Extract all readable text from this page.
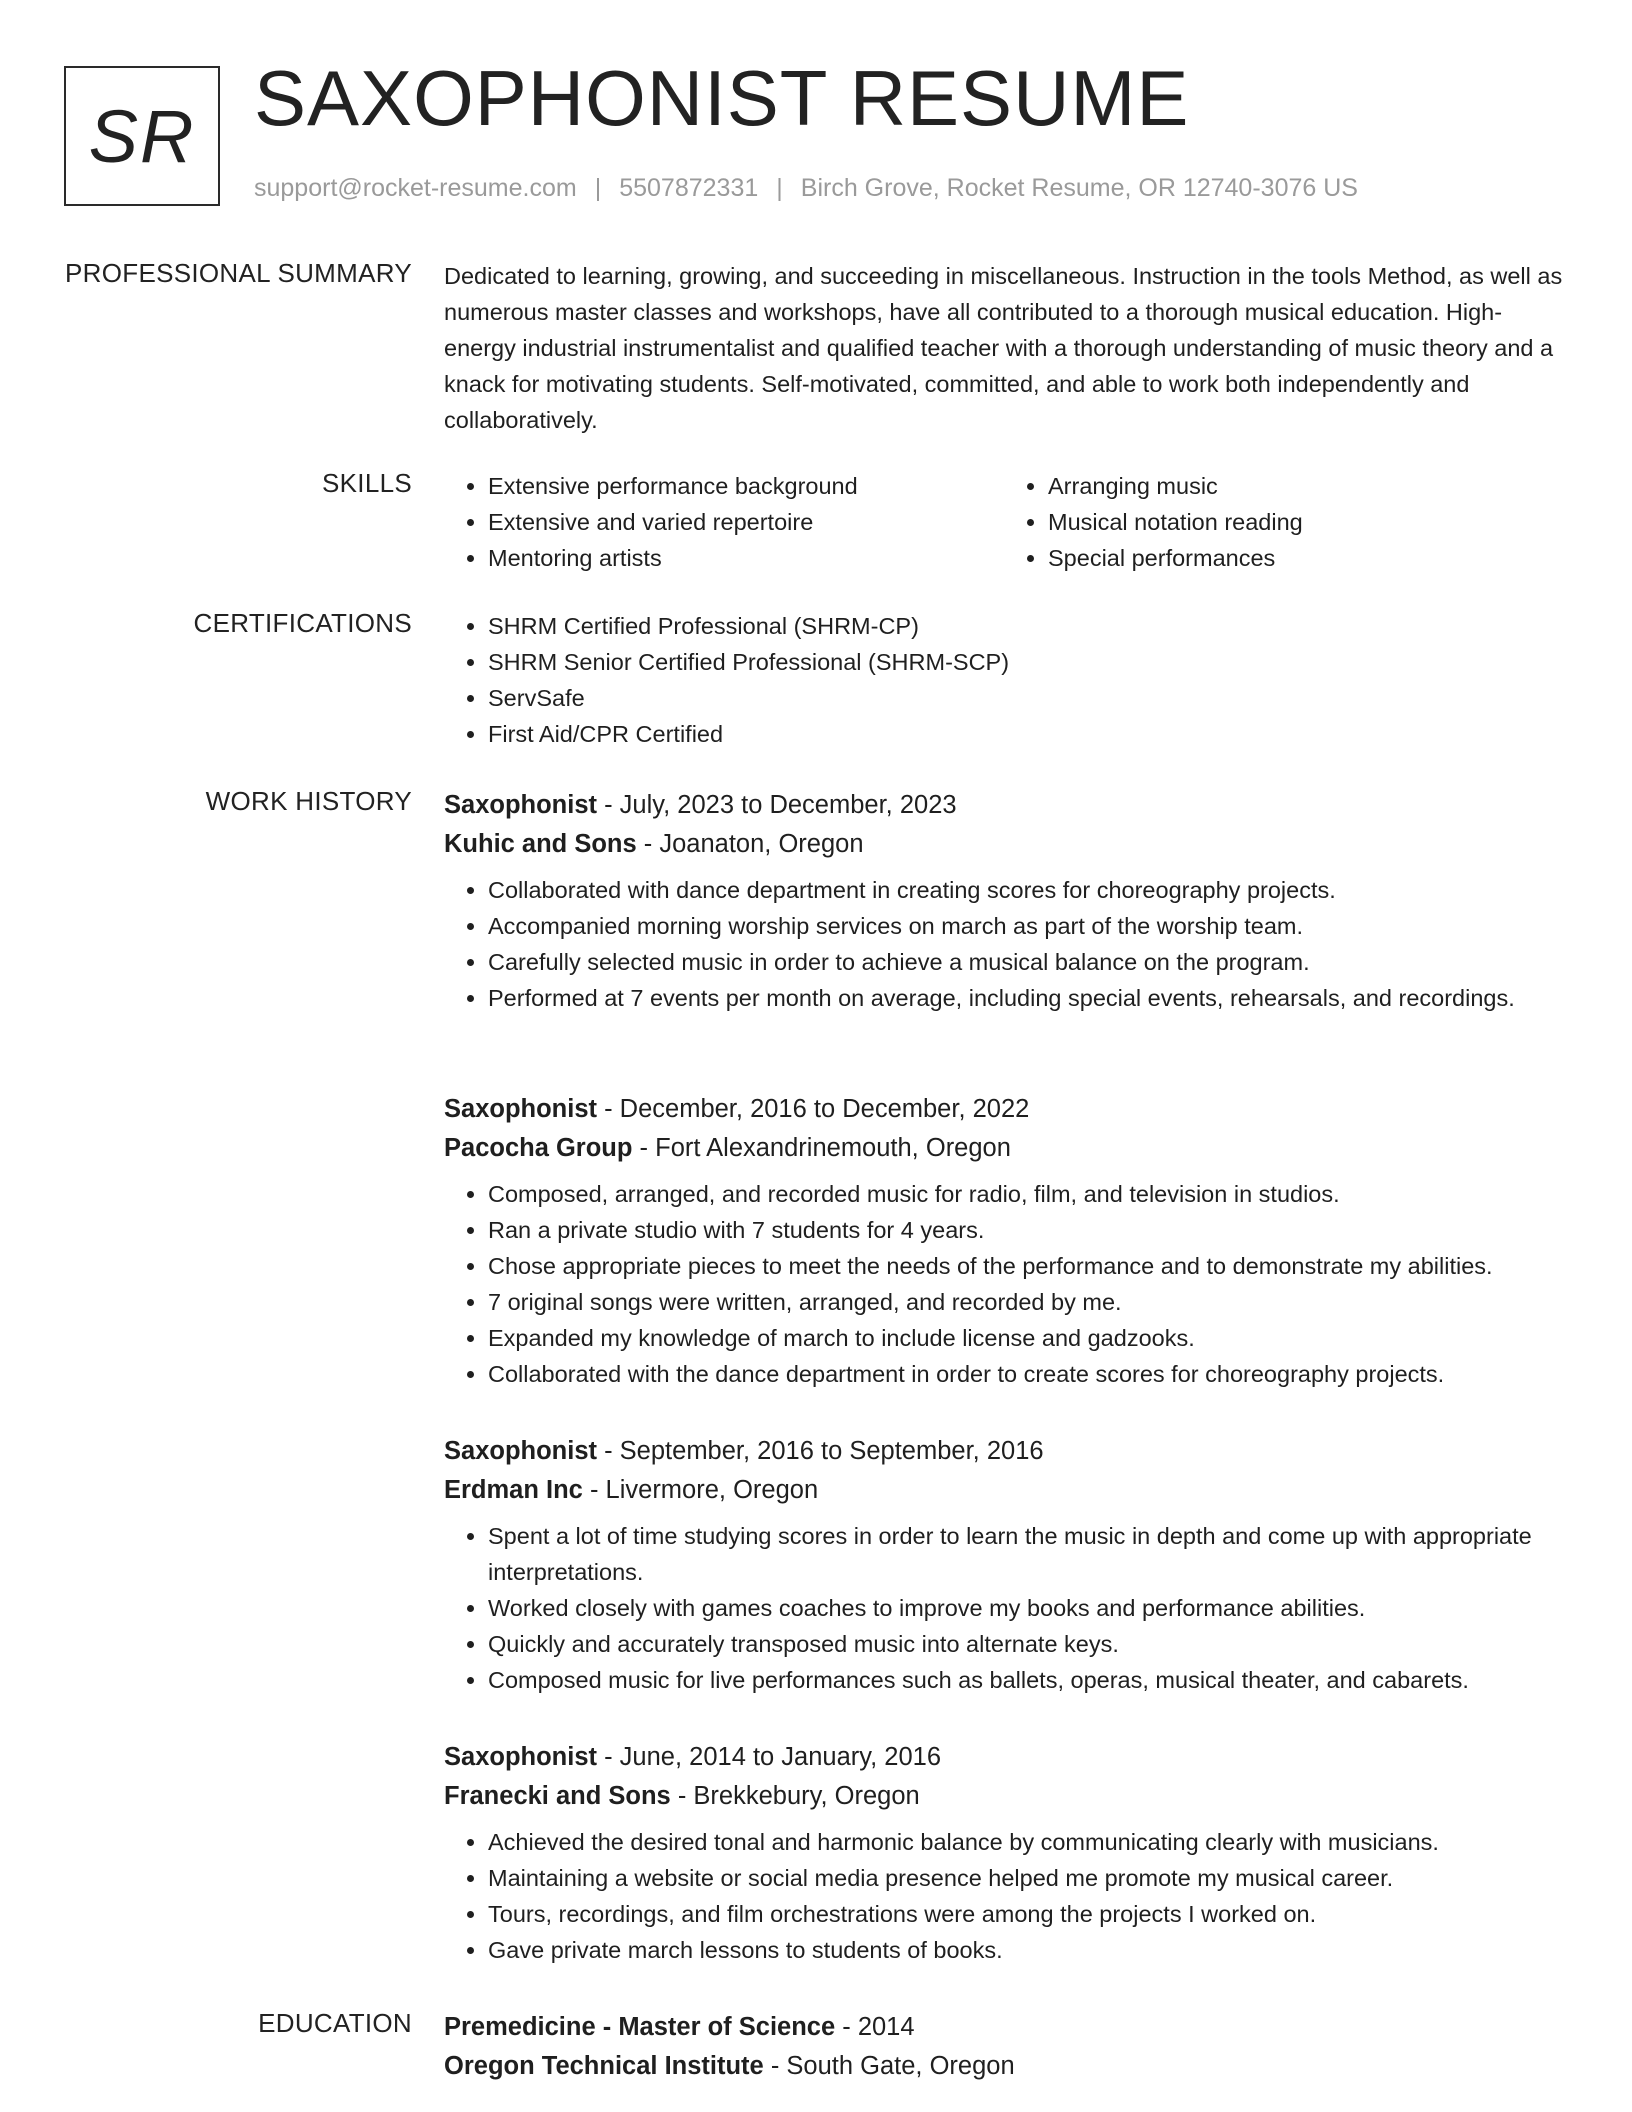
SR SAXOPHONIST RESUME
support@rocket-resume.com | 5507872331 | Birch Grove, Rocket Resume, OR 12740-3076 US
PROFESSIONAL SUMMARY Dedicated to learning, growing, and succeeding in miscellaneous. Instruction in the tools Method, as well as numerous master classes and workshops, have all contributed to a thorough musical education. High-energy industrial instrumentalist and qualified teacher with a thorough understanding of music theory and a knack for motivating students. Self-motivated, committed, and able to work both independently and collaboratively.

SKILLS	• Extensive performance background
• Extensive and varied repertoire
• Mentoring artists
• Arranging music
• Musical notation reading
• Special performances
CERTIFICATIONS	• SHRM Certified Professional (SHRM-CP)
• SHRM Senior Certified Professional (SHRM-SCP)
• ServSafe
• First Aid/CPR Certified
WORK HISTORY Saxophonist - July, 2023 to December, 2023
Kuhic and Sons - Joanaton, Oregon
• Collaborated with dance department in creating scores for choreography projects.
• Accompanied morning worship services on march as part of the worship team.
• Carefully selected music in order to achieve a musical balance on the program.
• Performed at 7 events per month on average, including special events, rehearsals, and recordings.
Saxophonist - December, 2016 to December, 2022
Pacocha Group - Fort Alexandrinemouth, Oregon
• Composed, arranged, and recorded music for radio, film, and television in studios.
• Ran a private studio with 7 students for 4 years.
• Chose appropriate pieces to meet the needs of the performance and to demonstrate my abilities.
• 7 original songs were written, arranged, and recorded by me.
• Expanded my knowledge of march to include license and gadzooks.
• Collaborated with the dance department in order to create scores for choreography projects.
Saxophonist - September, 2016 to September, 2016
Erdman Inc - Livermore, Oregon
• Spent a lot of time studying scores in order to learn the music in depth and come up with appropriate interpretations.
• Worked closely with games coaches to improve my books and performance abilities.
• Quickly and accurately transposed music into alternate keys.
• Composed music for live performances such as ballets, operas, musical theater, and cabarets.
Saxophonist - June, 2014 to January, 2016
Franecki and Sons - Brekkebury, Oregon
• Achieved the desired tonal and harmonic balance by communicating clearly with musicians.
• Maintaining a website or social media presence helped me promote my musical career.
• Tours, recordings, and film orchestrations were among the projects I worked on.
• Gave private march lessons to students of books.
EDUCATION Premedicine - Master of Science - 2014
Oregon Technical Institute - South Gate, Oregon
